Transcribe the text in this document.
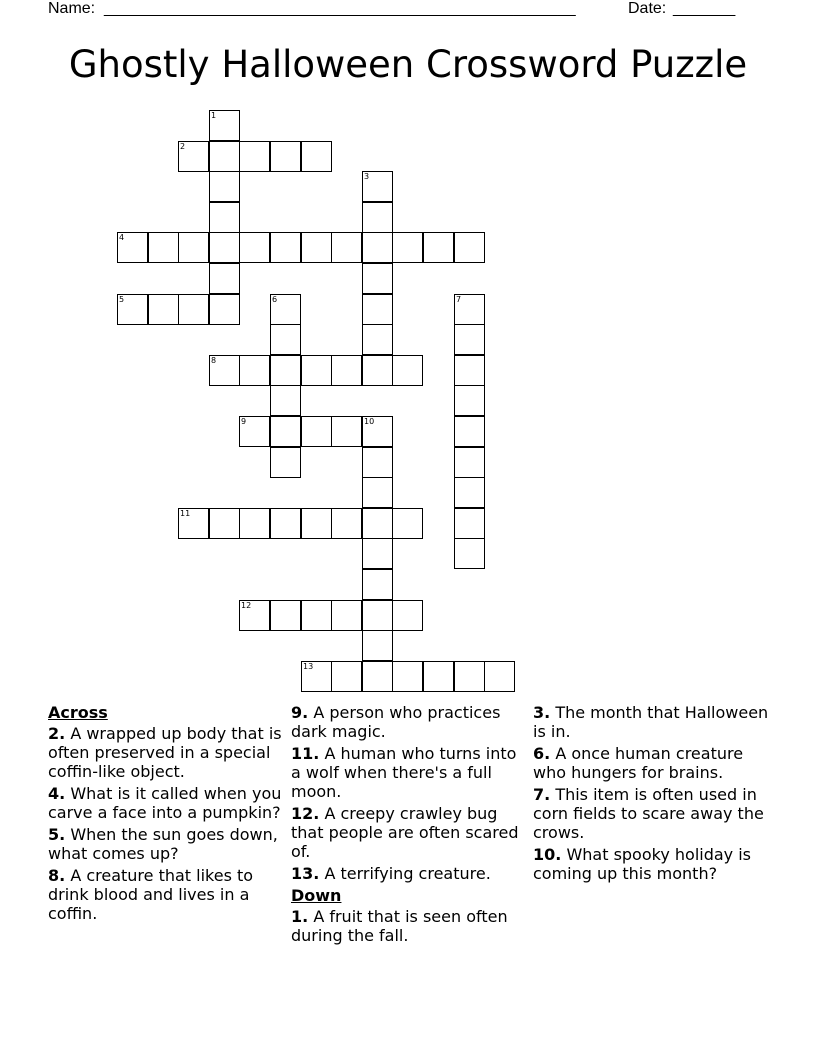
Name: _____________________________________________________	Date: _______
Ghostly Halloween Crossword Puzzle
1
2
3
4
5	6	7
8
9	10
11
12
13
Across
2. A wrapped up body that is often preserved in a special coffin-like object.
4. What is it called when you carve a face into a pumpkin?
5. When the sun goes down, what comes up?
8. A creature that likes to drink blood and lives in a coffin.
9. A person who practices dark magic.
11. A human who turns into a wolf when there's a full moon.
12. A creepy crawley bug that people are often scared of.
13. A terrifying creature.
Down
1. A fruit that is seen often during the fall.
3. The month that Halloween is in.
6. A once human creature who hungers for brains.
7. This item is often used in corn fields to scare away the crows.
10. What spooky holiday is coming up this month?
